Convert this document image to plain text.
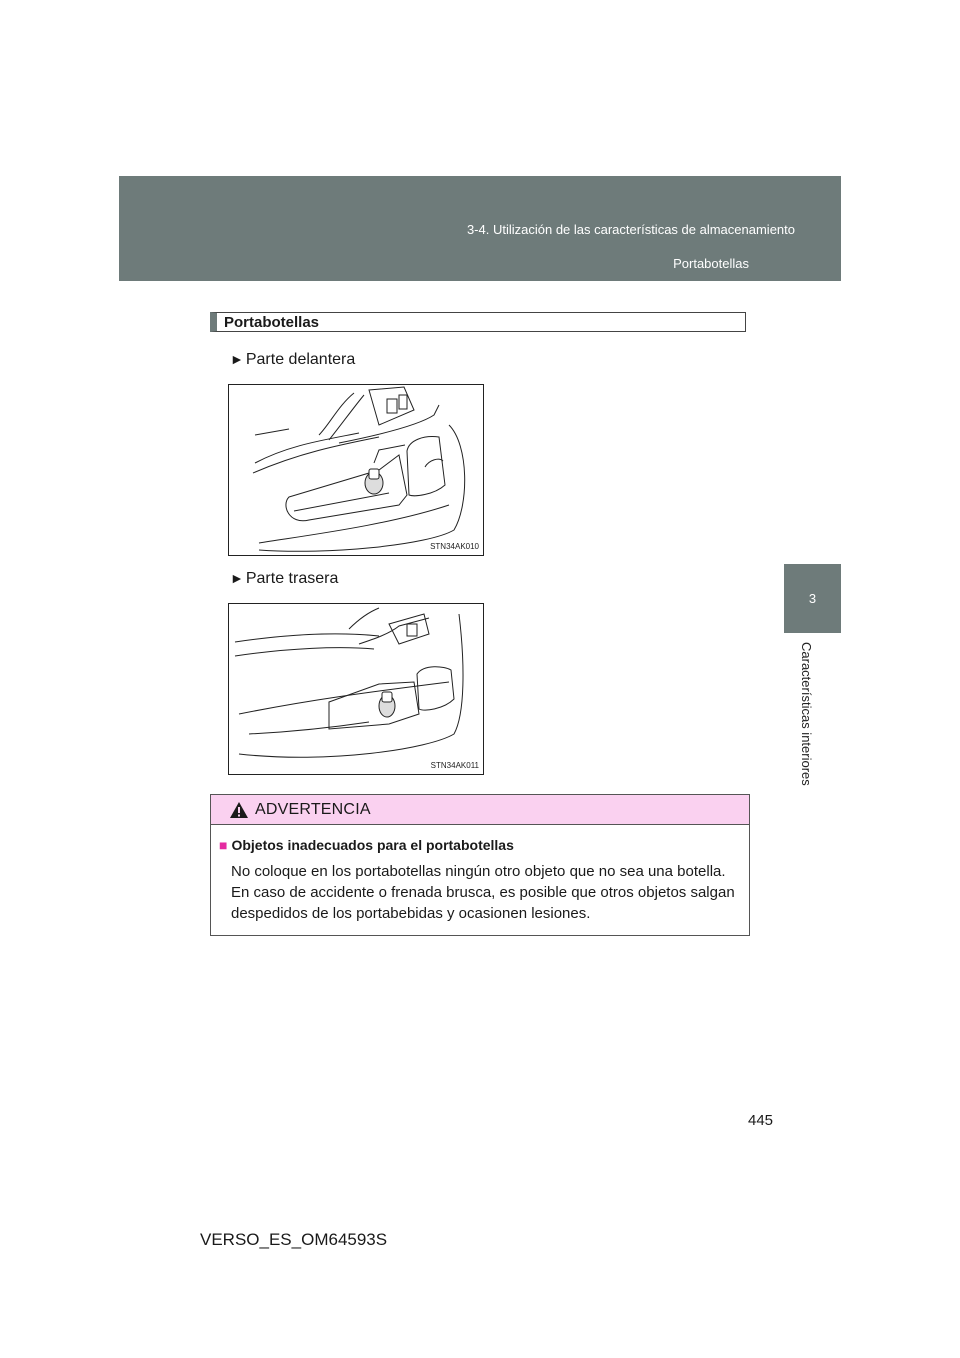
3-4. Utilización de las características de almacenamiento
Portabotellas
3
Características interiores
Portabotellas
► Parte delantera
STN34AK010
► Parte trasera
STN34AK011
ADVERTENCIA
■ Objetos inadecuados para el portabotellas
No coloque en los portabotellas ningún otro objeto que no sea una botella.
En caso de accidente o frenada brusca, es posible que otros objetos salgan
despedidos de los portabebidas y ocasionen lesiones.
445
VERSO_ES_OM64593S
